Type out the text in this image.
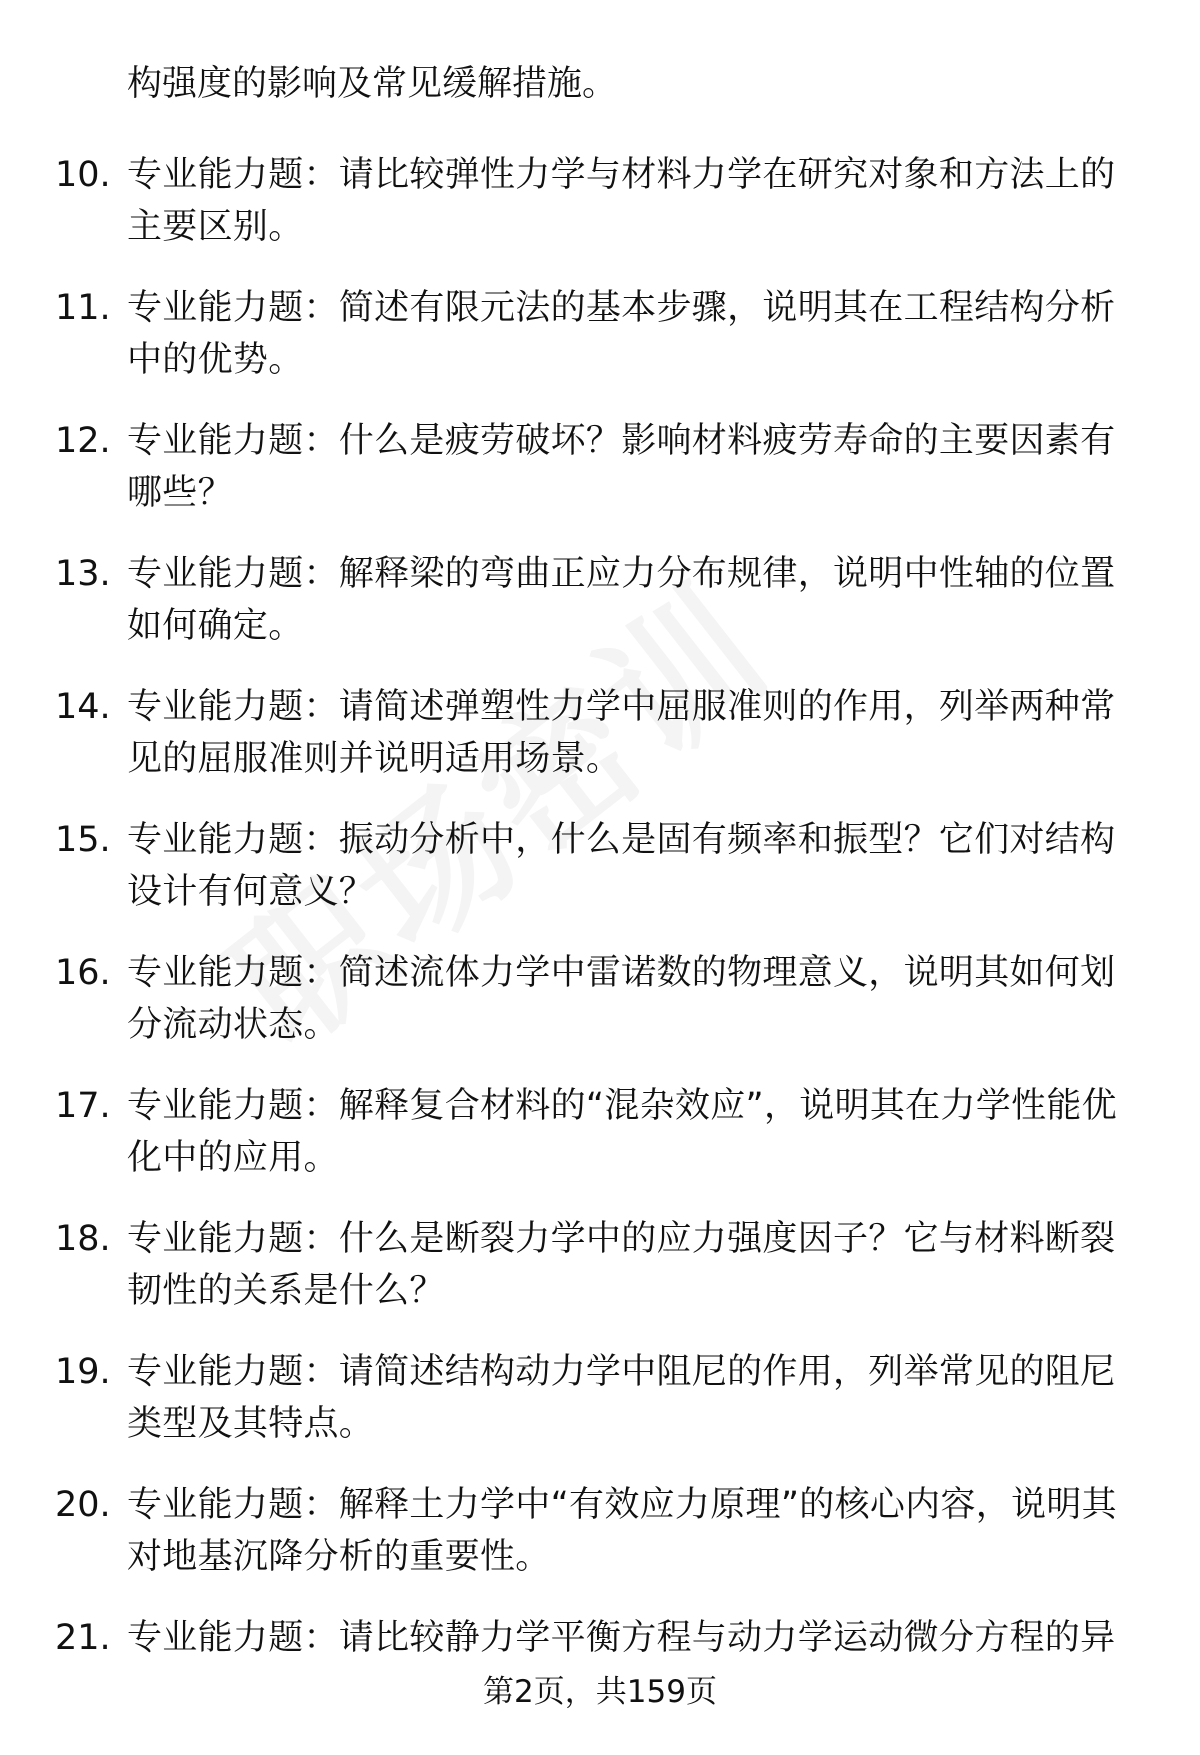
构强度的影响及常见缓解措施。
10. 专业能力题：请比较弹性力学与材料力学在研究对象和方法上的主要区别。
11. 专业能力题：简述有限元法的基本步骤，说明其在工程结构分析中的优势。
12. 专业能力题：什么是疲劳破坏？影响材料疲劳寿命的主要因素有哪些？
13. 专业能力题：解释梁的弯曲正应力分布规律，说明中性轴的位置如何确定。
14. 专业能力题：请简述弹塑性力学中屈服准则的作用，列举两种常见的屈服准则并说明适用场景。
15. 专业能力题：振动分析中，什么是固有频率和振型？它们对结构设计有何意义？
16. 专业能力题：简述流体力学中雷诺数的物理意义，说明其如何划分流动状态。
17. 专业能力题：解释复合材料的“混杂效应”，说明其在力学性能优化中的应用。
18. 专业能力题：什么是断裂力学中的应力强度因子？它与材料断裂韧性的关系是什么？
19. 专业能力题：请简述结构动力学中阻尼的作用，列举常见的阻尼类型及其特点。
20. 专业能力题：解释土力学中“有效应力原理”的核心内容，说明其对地基沉降分析的重要性。
21. 专业能力题：请比较静力学平衡方程与动力学运动微分方程的异
第2页，共159页
